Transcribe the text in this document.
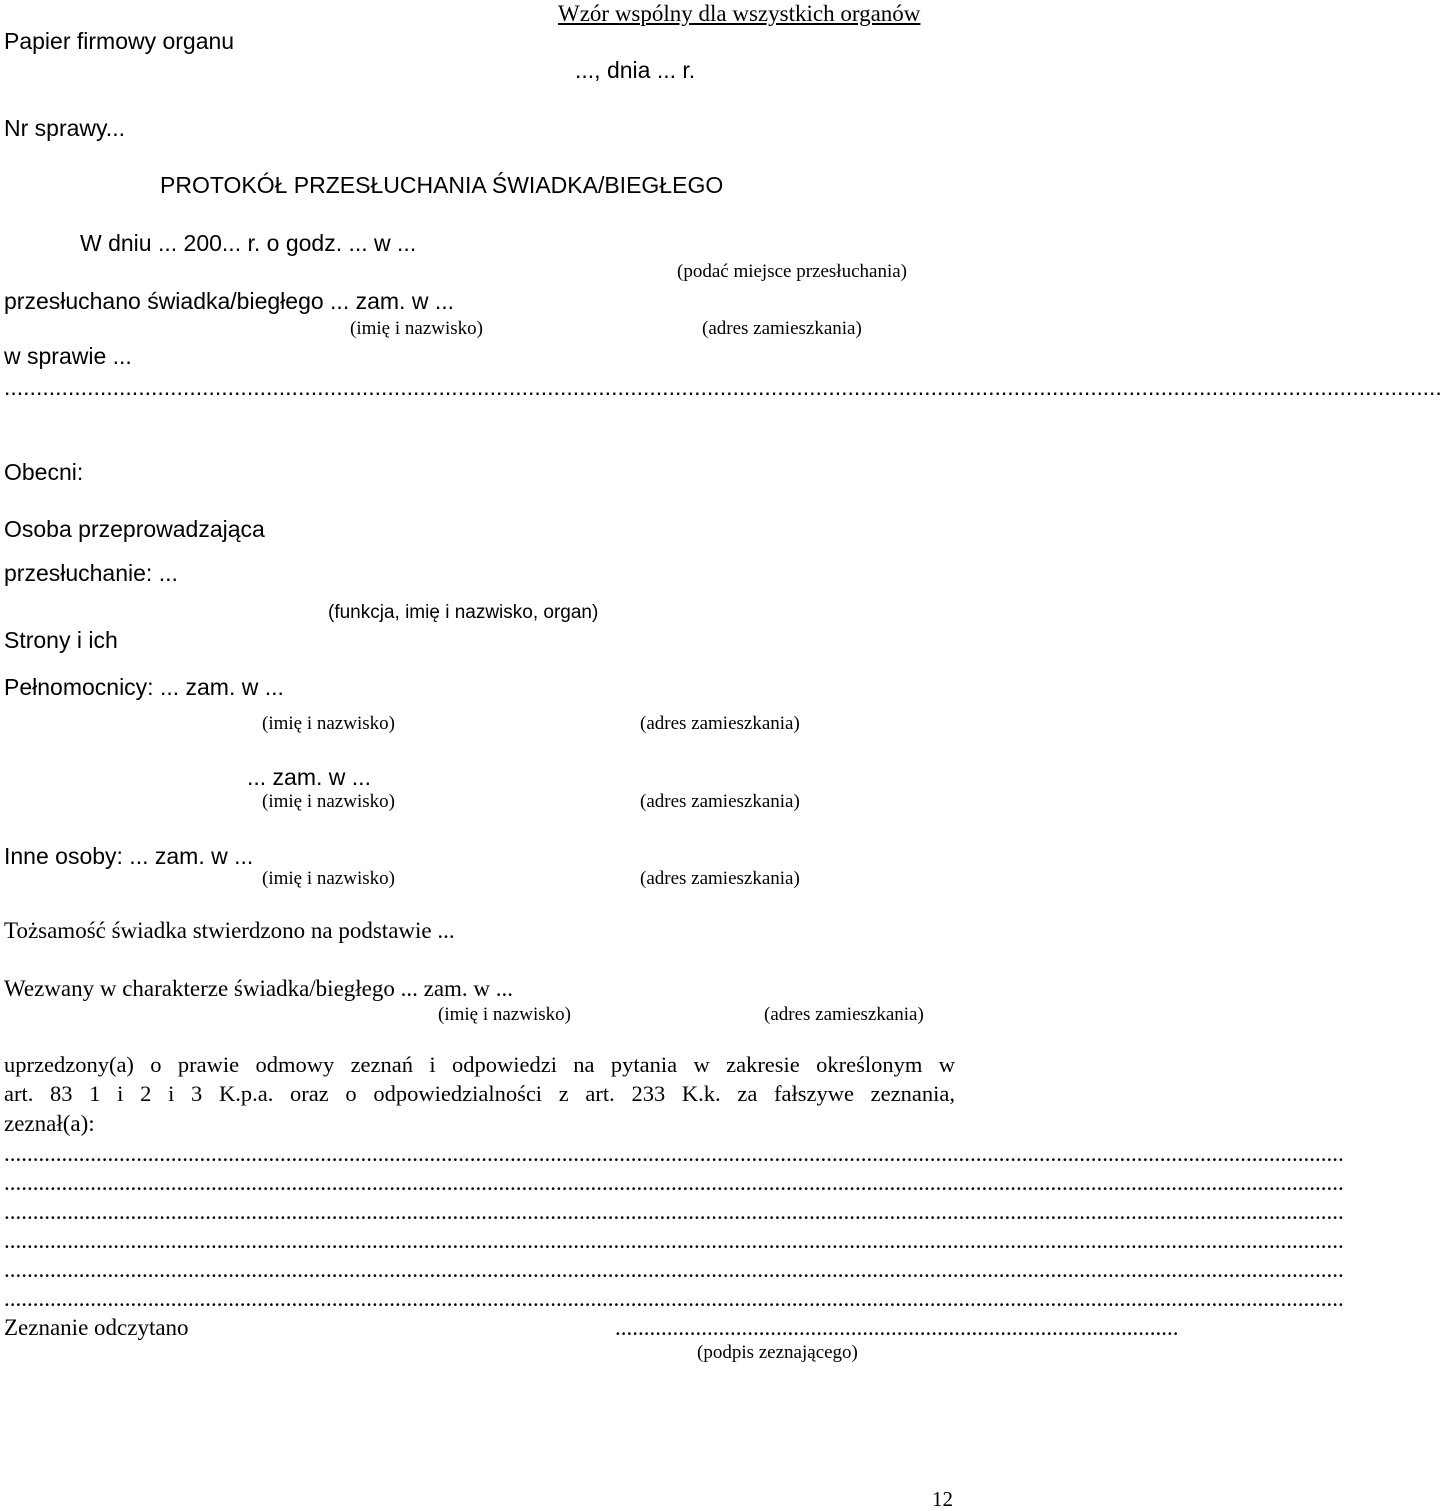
Wzór wspólny dla wszystkich organów
Papier firmowy organu
..., dnia ... r.
Nr sprawy...
PROTOKÓŁ PRZESŁUCHANIA ŚWIADKA/BIEGŁEGO
W dniu ... 200... r. o godz. ... w ...
(podać miejsce przesłuchania)
przesłuchano świadka/biegłego ... zam. w ...
(imię i nazwisko)	(adres zamieszkania)
w sprawie ...
.................................................................................................................................................................................................................................
Obecni:
Osoba przeprowadzająca
przesłuchanie: ...
(funkcja, imię i nazwisko, organ)
Strony i ich
Pełnomocnicy: ... zam. w ...
(imię i nazwisko)	(adres zamieszkania)
... zam. w ...
(imię i nazwisko)	(adres zamieszkania)
Inne osoby: ... zam. w ...
(imię i nazwisko)	(adres zamieszkania)
Tożsamość świadka stwierdzono na podstawie ...
Wezwany w charakterze świadka/biegłego ... zam. w ...
(imię i nazwisko)	(adres zamieszkania)
uprzedzony(a) o prawie odmowy zeznań i odpowiedzi na pytania w zakresie określonym w
art. 83 1 i 2 i 3 K.p.a. oraz o odpowiedzialności z art. 233 K.k. za fałszywe zeznania,
zeznał(a):
.........................................................................................................................................................................................................................................
.........................................................................................................................................................................................................................................
.........................................................................................................................................................................................................................................
.........................................................................................................................................................................................................................................
.........................................................................................................................................................................................................................................
.........................................................................................................................................................................................................................................
Zeznanie odczytano	..................................................................................................
(podpis zeznającego)
12
